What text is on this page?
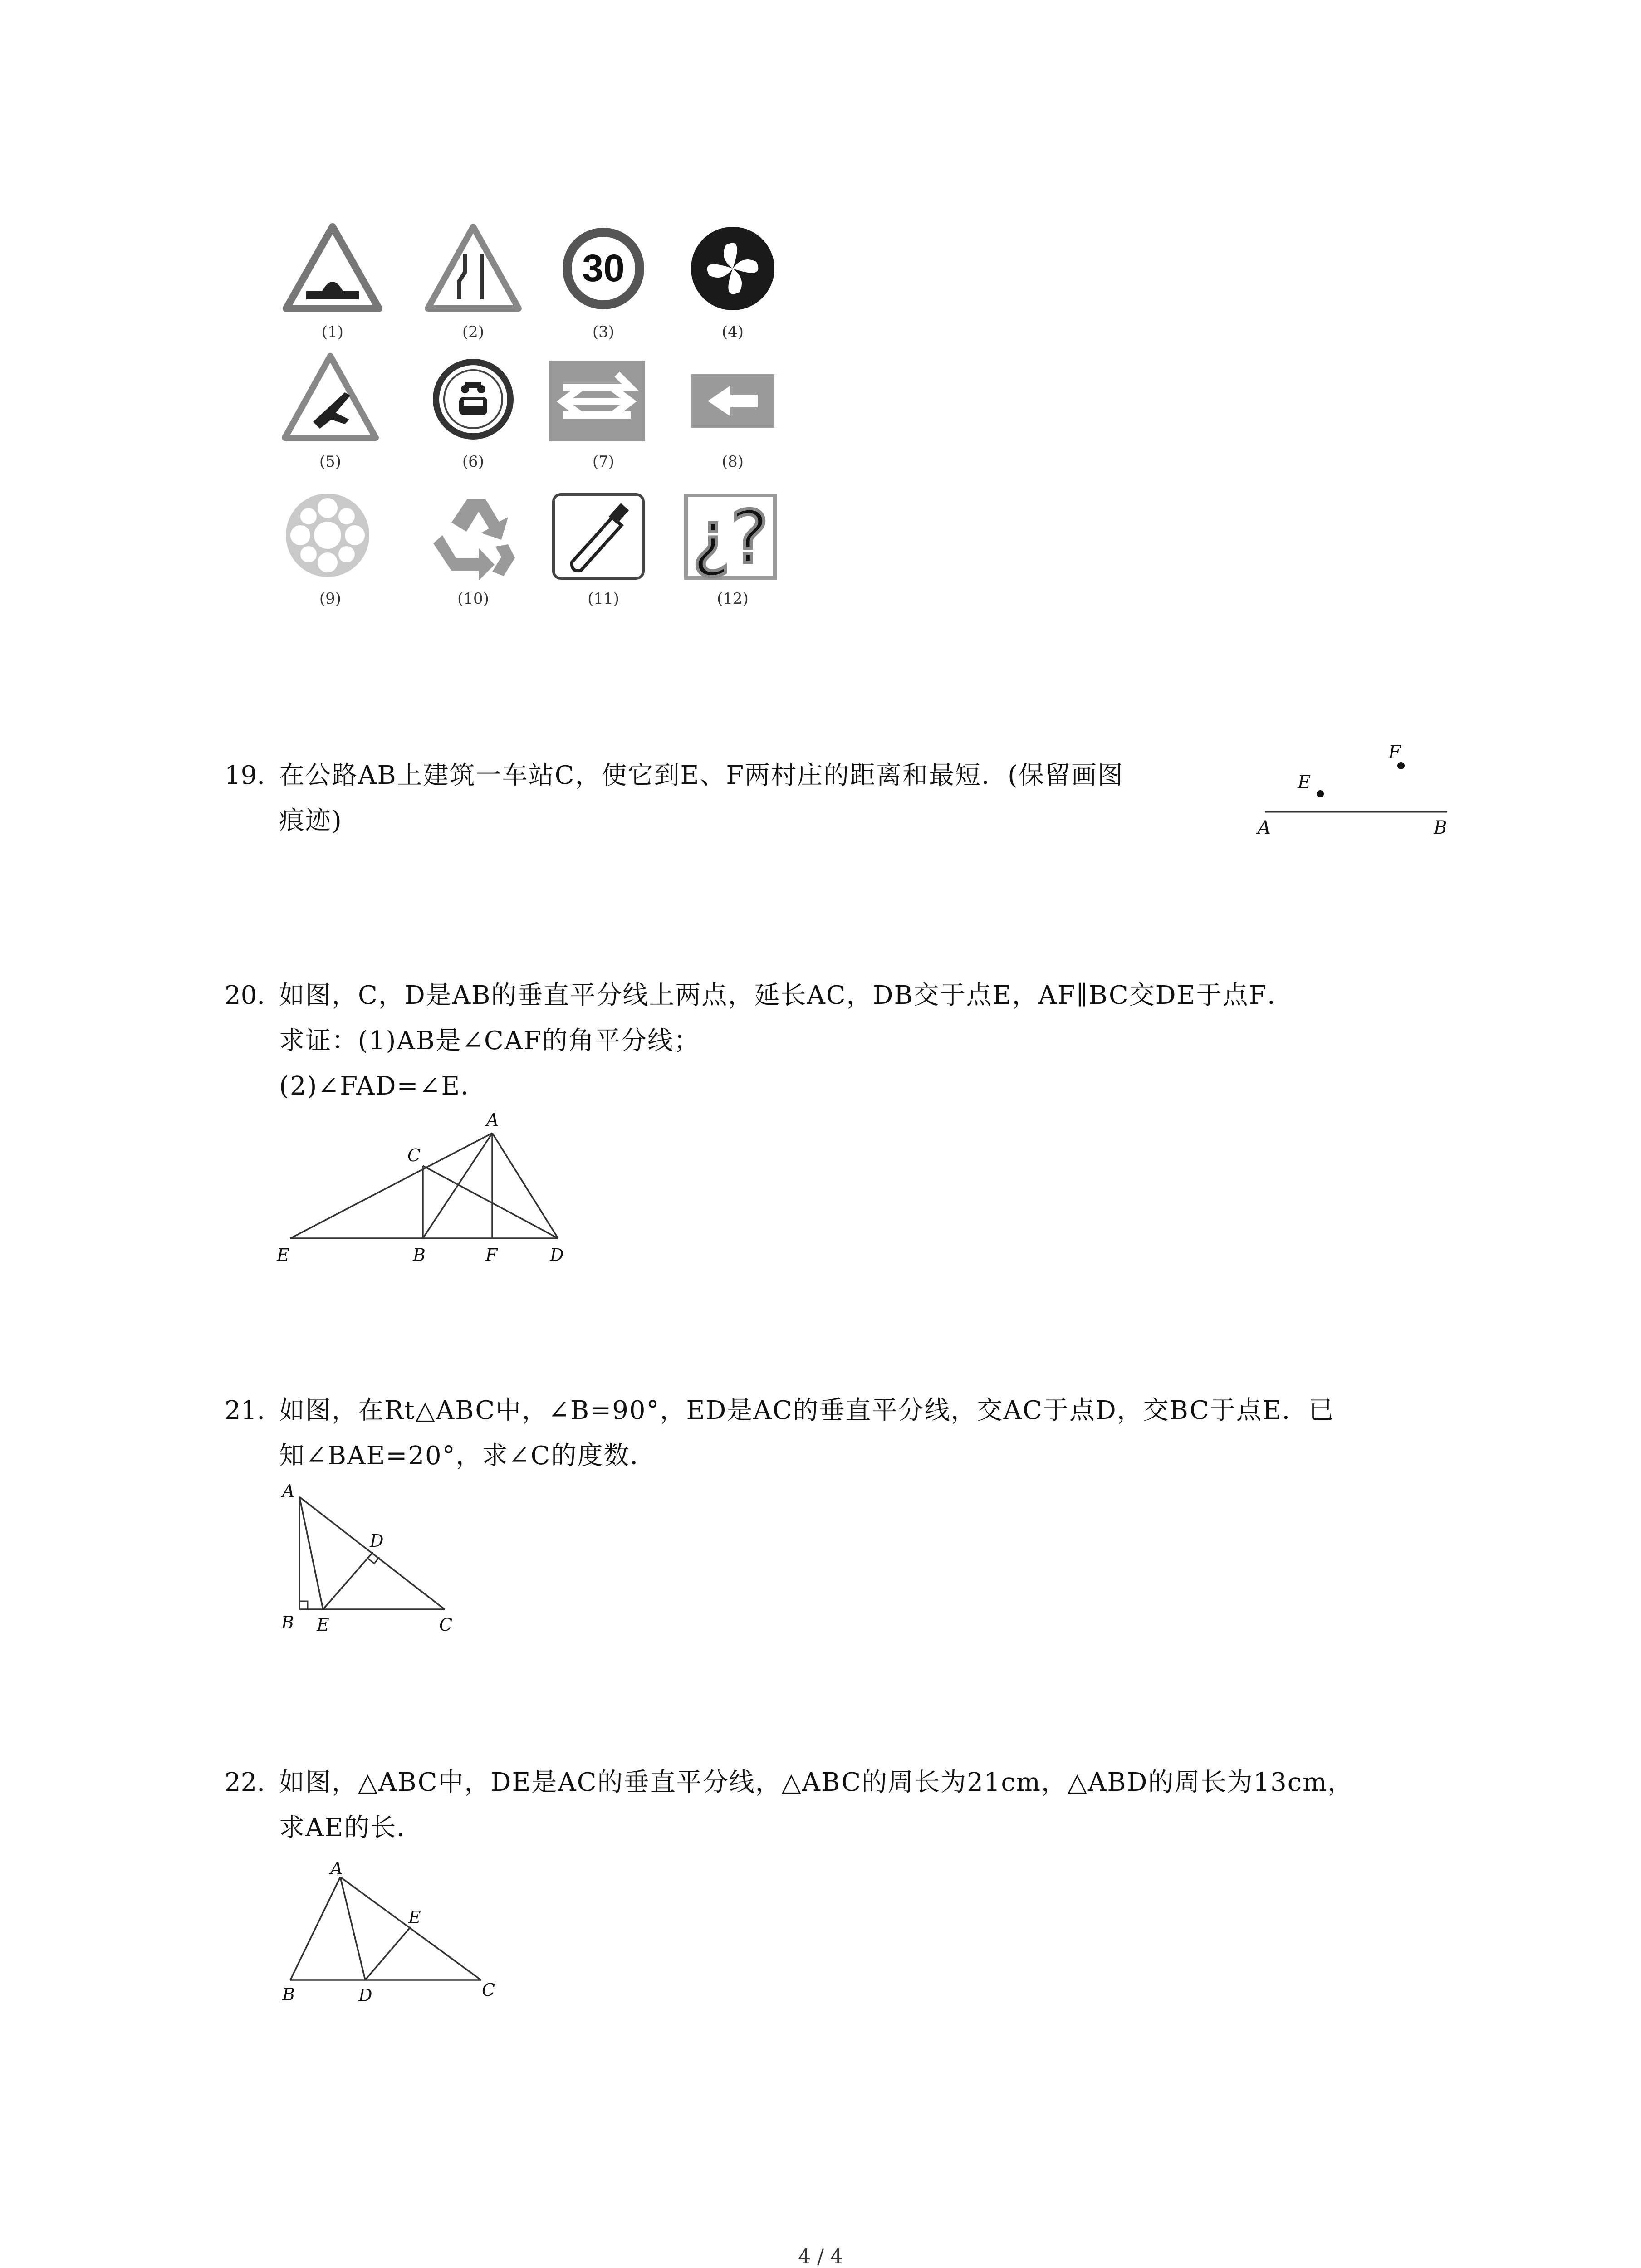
30
¿?
(1)	(2)	(3)	(4)
(5)	(6)	(7)	(8)
(9)	(10)	(11)	(12)
19. 在公路AB上建筑一车站C，使它到E、F两村庄的距离和最短．(保留画图
痕迹)
E
F
A	B
20. 如图，C，D是AB的垂直平分线上两点，延长AC，DB交于点E，AF∥BC交DE于点F．
求证：(1)AB是∠CAF的角平分线；
(2)∠FAD=∠E．
A
C
E	B	F	D
21. 如图，在Rt△ABC中，∠B=90°，ED是AC的垂直平分线，交AC于点D，交BC于点E．已
知∠BAE=20°，求∠C的度数．
A
D
B E	C
22. 如图，△ABC中，DE是AC的垂直平分线，△ABC的周长为21cm，△ABD的周长为13cm，
求AE的长．
A
E
B	D	C
4 / 4
